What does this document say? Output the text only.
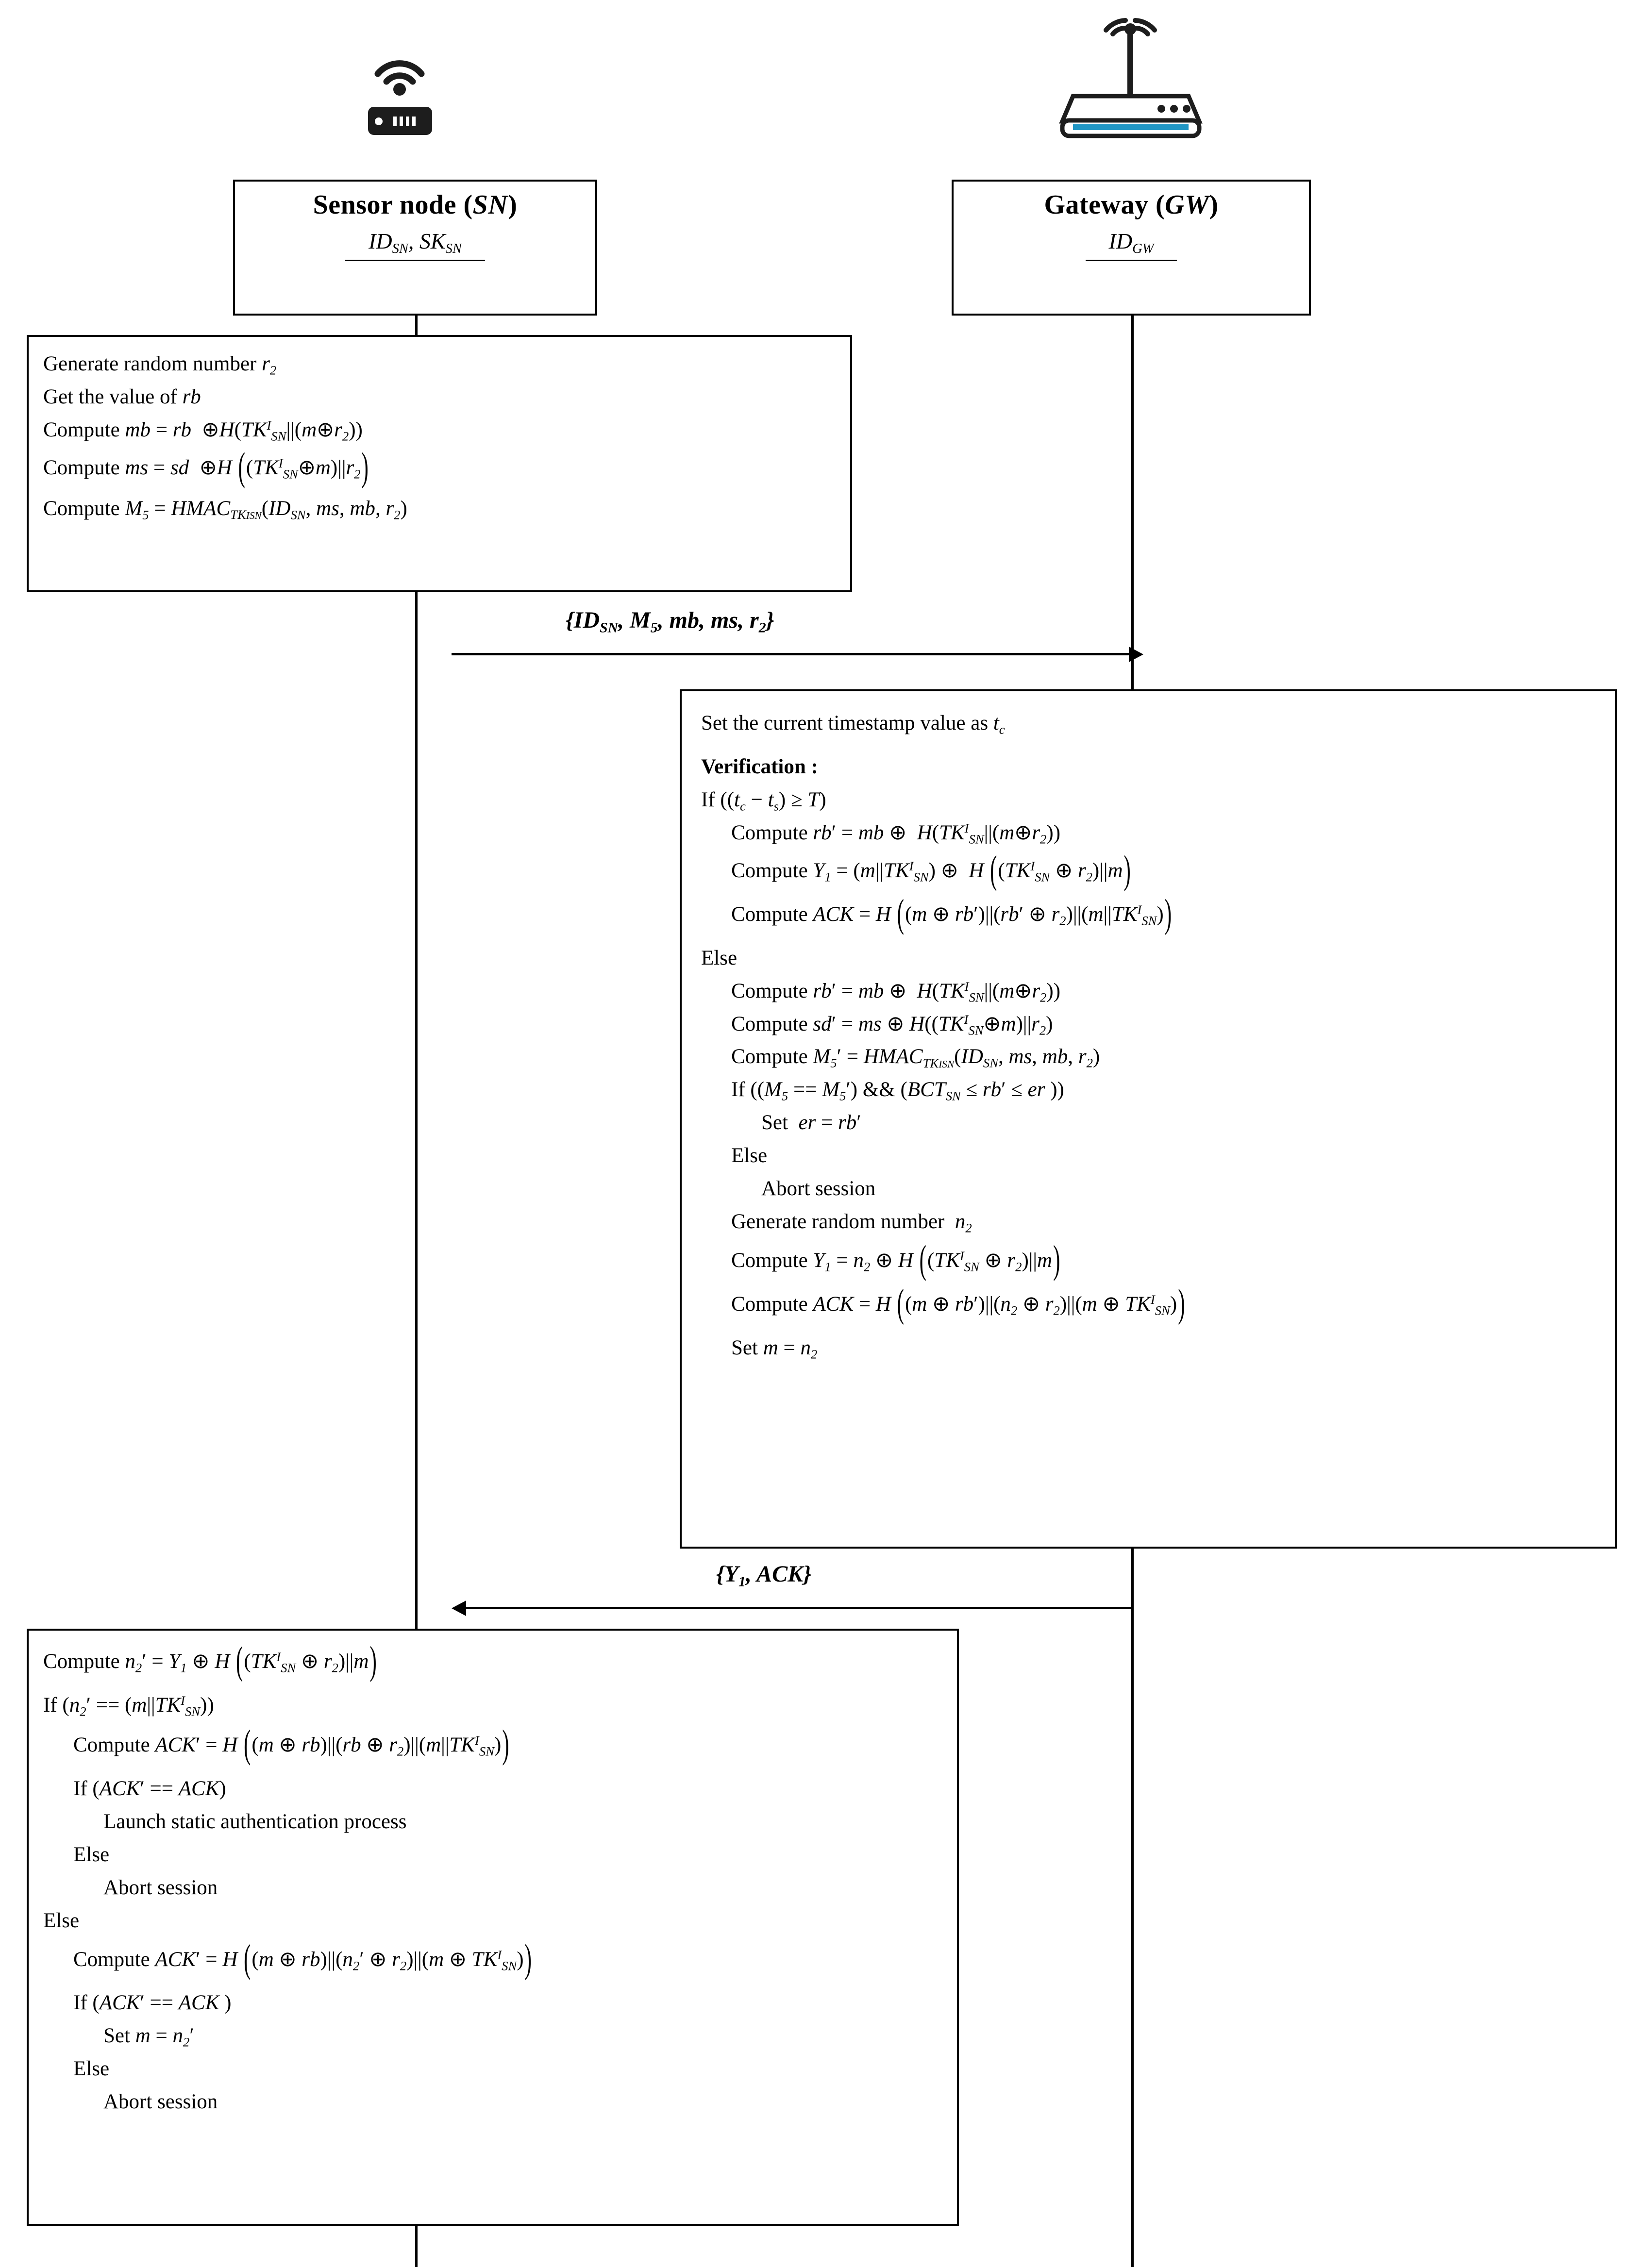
Sensor node (SN)
$ID_{SN}$, $SK_{SN}$
Gateway (GW)
$ID_{GW}$
Generate random number $r_2$
Get the value of rb
Compute mb = rb  $\oplus H(TK^I_{SN}||(m\oplus r_2))$
Compute ms = sd  ⊕H $((TK^I_{SN}\oplus m)||r_2)$
Compute $M_5$ = $HMAC_{TKISN}(ID_{SN}$, ms, mb, $r_2$)
{$ID_{SN}$, $M_5$, mb, ms, $r_2$}
Set the current timestamp value as $t_c$
Verification :
If $((t_c - t_s) \ge T)$
Compute rb′ = mb ⊕  $H(TK^I_{SN}||(m\oplus r_2))$
Compute $Y_1 = (m||TK^I_{SN})$ ⊕  H (($TK^I_{SN}$ ⊕ $r_2)||m$)
Compute ACK = H ((m ⊕ rb′)||(rb′ ⊕ $r_2)||(m||TK^I_{SN})$)
Else
Compute rb′ = mb ⊕  $H(TK^I_{SN}||(m\oplus r_2))$
Compute sd′ = ms ⊕ $H((TK^I_{SN}\oplus m)||r_2)$
Compute $M_5'$ = $HMAC_{TKISN}(ID_{SN}$, ms, mb, $r_2$)
If ($(M_5 == M_5')$ && ($BCT_{SN} \le rb'$ ≤ er ))
Set  er = rb′
Else
Abort session
Generate random number  $n_2$
Compute $Y_1 = n_2$ ⊕ H (($TK^I_{SN}$ ⊕ $r_2)||m$)
Compute ACK = H ((m ⊕ $rb')||(n_2$ ⊕ $r_2)||(m$ ⊕ $TK^I_{SN}$))
Set $m = n_2$
{$Y_1$, ACK}
Compute $n_2' = Y_1$ ⊕ H (($TK^I_{SN}$ ⊕ $r_2)||m$)
If $(n_2' == (m||TK^I_{SN}))$
Compute ACK′ = H ((m ⊕ rb)||(rb ⊕ $r_2)||(m||TK^I_{SN})$)
If (ACK′ == ACK)
Launch static authentication process
Else
Abort session
Else
Compute ACK′ = H ((m ⊕ $rb)||(n_2'$ ⊕ $r_2)||(m$ ⊕ $TK^I_{SN}$))
If (ACK′ == ACK )
Set $m = n_2'$
Else
Abort session
